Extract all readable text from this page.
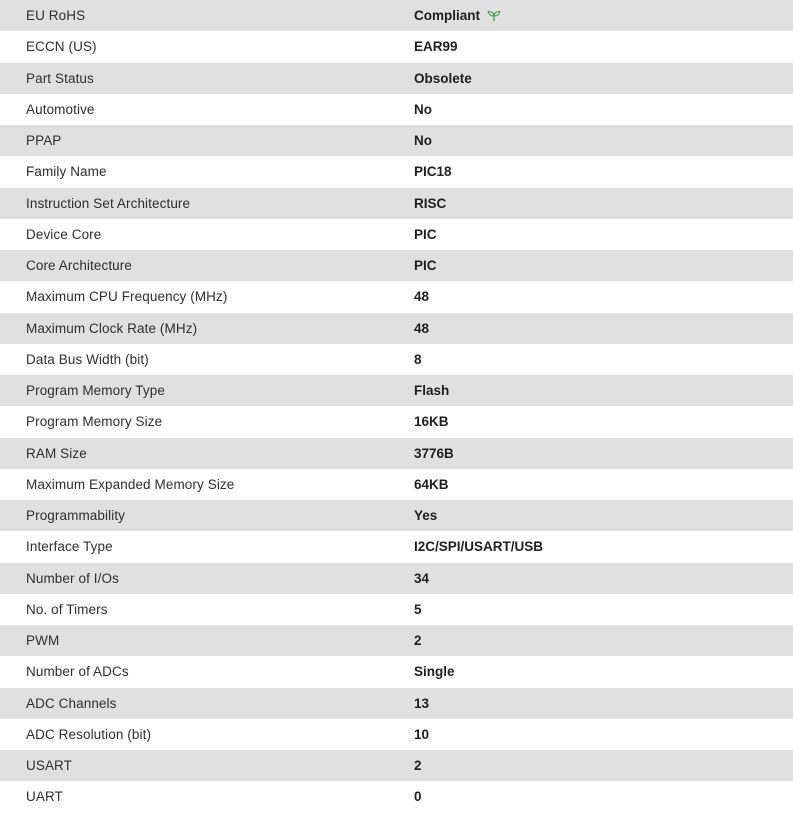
EU RoHS	Compliant
ECCN (US)	EAR99
Part Status	Obsolete
Automotive	No
PPAP	No
Family Name	PIC18
Instruction Set Architecture	RISC
Device Core	PIC
Core Architecture	PIC
Maximum CPU Frequency (MHz)	48
Maximum Clock Rate (MHz)	48
Data Bus Width (bit)	8
Program Memory Type	Flash
Program Memory Size	16KB
RAM Size	3776B
Maximum Expanded Memory Size	64KB
Programmability	Yes
Interface Type	I2C/SPI/USART/USB
Number of I/Os	34
No. of Timers	5
PWM	2
Number of ADCs	Single
ADC Channels	13
ADC Resolution (bit)	10
USART	2
UART	0
